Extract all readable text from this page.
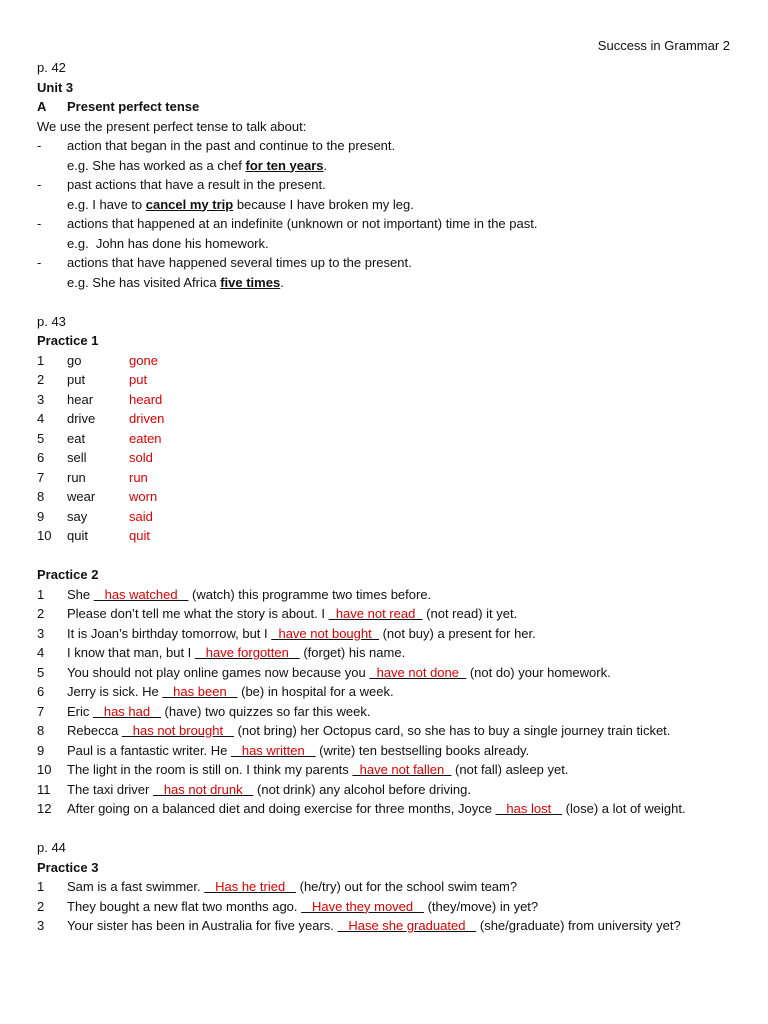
Success in Grammar 2
p. 42
Unit 3
A Present perfect tense
We use the present perfect tense to talk about:
-	action that began in the past and continue to the present.
e.g. She has worked as a chef for ten years.
-	past actions that have a result in the present.
e.g. I have to cancel my trip because I have broken my leg.
-	actions that happened at an indefinite (unknown or not important) time in the past.
e.g.  John has done his homework.
-	actions that have happened several times up to the present.
e.g. She has visited Africa five times.
p. 43
Practice 1
1	go	gone
2	put	put
3	hear	heard
4	drive	driven
5	eat	eaten
6	sell	sold
7	run	run
8	wear	worn
9	say	said
10	quit	quit
Practice 2
1	She    has watched    (watch) this programme two times before.
2	Please don’t tell me what the story is about. I   have not read   (not read) it yet.
3	It is Joan’s birthday tomorrow, but I   have not bought   (not buy) a present for her.
4	I know that man, but I    have forgotten    (forget) his name.
5	You should not play online games now because you   have not done   (not do) your homework.
6	Jerry is sick. He    has been    (be) in hospital for a week.
7	Eric    has had    (have) two quizzes so far this week.
8	Rebecca    has not brought    (not bring) her Octopus card, so she has to buy a single journey train ticket.
9	Paul is a fantastic writer. He    has written    (write) ten bestselling books already.
10	The light in the room is still on. I think my parents   have not fallen   (not fall) asleep yet.
11	The taxi driver    has not drunk    (not drink) any alcohol before driving.
12	After going on a balanced diet and doing exercise for three months, Joyce    has lost    (lose) a lot of weight.
p. 44
Practice 3
1	Sam is a fast swimmer.    Has he tried    (he/try) out for the school swim team?
2	They bought a new flat two months ago.    Have they moved    (they/move) in yet?
3	Your sister has been in Australia for five years.    Hase she graduated    (she/graduate) from university yet?
